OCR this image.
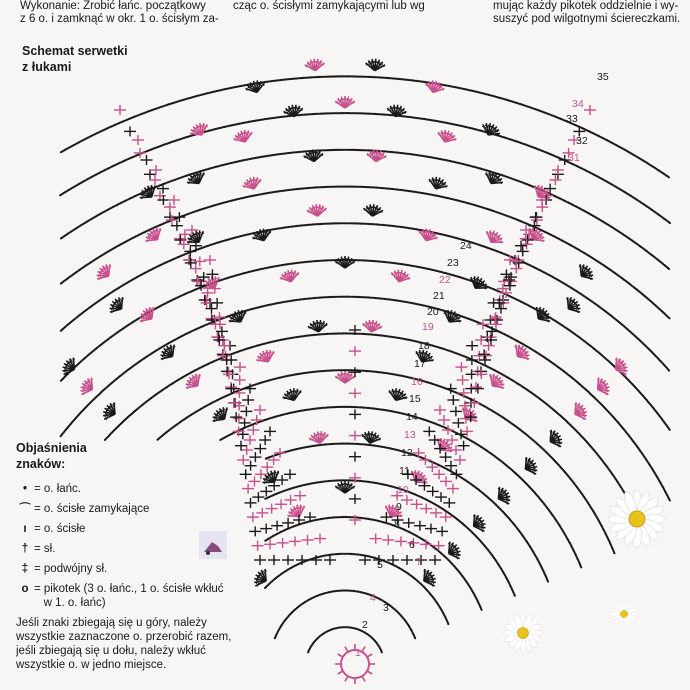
Wykonanie: Zrobić łańc. początkowy
z 6 o. i zamknąć w okr. 1 o. ścisłym za-
cząc o. ścisłymi zamykającymi lub wg	mując każdy pikotek oddzielnie i wy-
suszyć pod wilgotnymi ściereczkami.
Schemat serwetki
z łukami
35
34
33
32
31
24
23
22
21
20
19
18
17
16
15
14
13
12
11
10
9
8
7
6
5
4
3
2
1
Objaśnienia
znaków:
• = o. łańc.
⌒ = o. ścisłe zamykające
ı = o. ścisłe
† = sł.
‡ = podwójny sł.
o = pikotek (3 o. łańc., 1 o. ścisłe wkłuć
w 1. o. łańc)
Jeśli znaki zbiegają się u góry, należy
wszystkie zaznaczone o. przerobić razem,
jeśli zbiegają się u dołu, należy wkłuć
wszystkie o. w jedno miejsce.
